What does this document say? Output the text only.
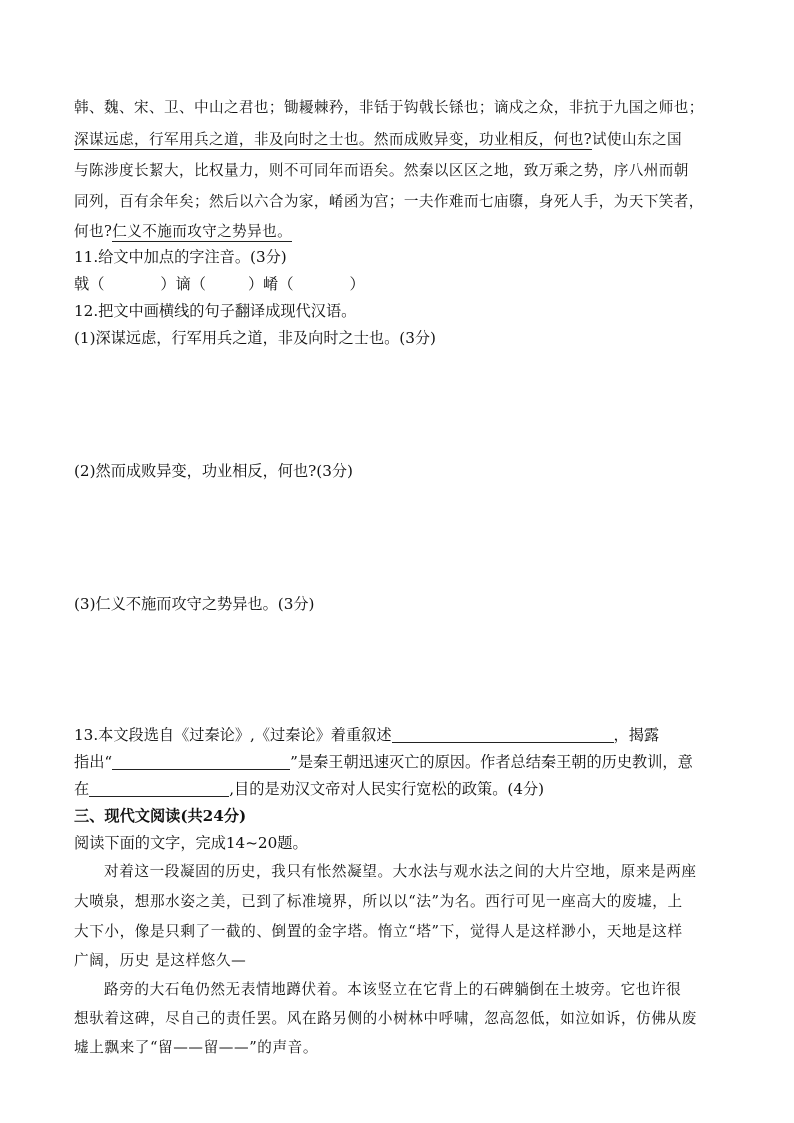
韩、魏、宋、卫、中山之君也；锄耰棘矜，非铦于钩戟长铩也；谪戍之众，非抗于九国之师也；
深谋远虑，行军用兵之道，非及向时之士也。然而成败异变，功业相反，何也?试使山东之国
与陈涉度长絜大，比权量力，则不可同年而语矣。然秦以区区之地，致万乘之势，序八州而朝
同列，百有余年矣；然后以六合为家，崤函为宫；一夫作难而七庙隳，身死人手，为天下笑者，
何也?仁义不施而攻守之势异也。
11.给文中加点的字注音。(3分)
戟（	）谪（	）崤（	）
12.把文中画横线的句子翻译成现代汉语。
(1)深谋远虑，行军用兵之道，非及向时之士也。(3分)
(2)然而成败异变，功业相反，何也?(3分)
(3)仁义不施而攻守之势异也。(3分)
13.本文段选自《过秦论》,《过秦论》着重叙述	，揭露
指出“	”是秦王朝迅速灭亡的原因。作者总结秦王朝的历史教训，意
在	,目的是劝汉文帝对人民实行宽松的政策。(4分)
三、现代文阅读(共24分)
阅读下面的文字，完成14~20题。
对着这一段凝固的历史，我只有怅然凝望。大水法与观水法之间的大片空地，原来是两座
大喷泉，想那水姿之美，已到了标准境界，所以以“法”为名。西行可见一座高大的废墟，上
大下小，像是只剩了一截的、倒置的金字塔。惰立“塔”下，觉得人是这样渺小，天地是这样
广阔，历史 是这样悠久—
路旁的大石龟仍然无表情地蹲伏着。本该竖立在它背上的石碑躺倒在土坡旁。它也许很
想驮着这碑，尽自己的责任罢。风在路另侧的小树林中呼啸，忽高忽低，如泣如诉，仿佛从废
墟上飘来了“留——留——”的声音。
